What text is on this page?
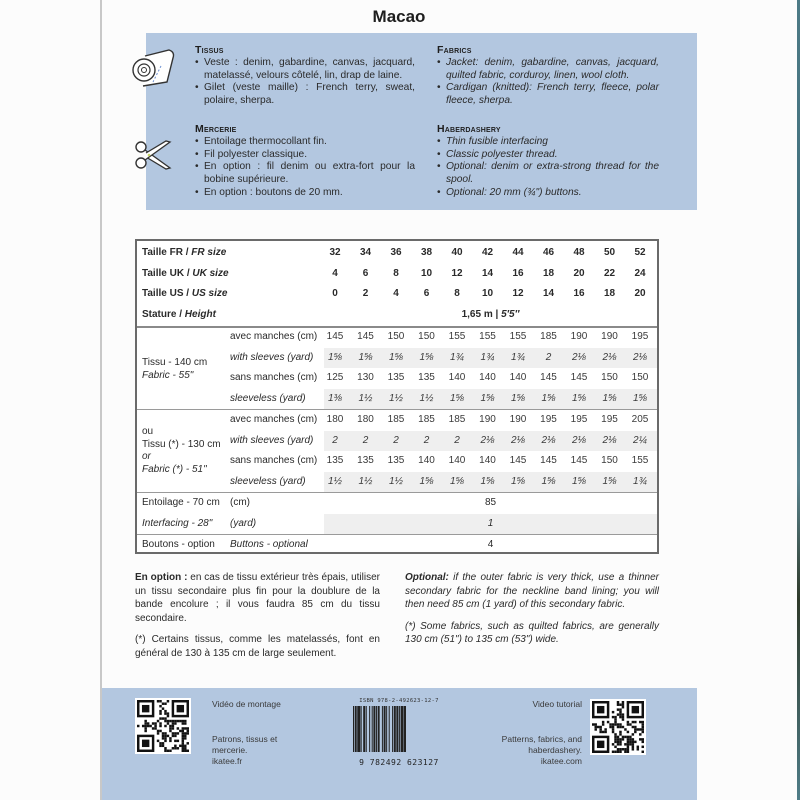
Macao
Tissus
• Veste : denim, gabardine, canvas, jacquard, matelassé, velours côtelé, lin, drap de laine.
• Gilet (veste maille) : French terry, sweat, polaire, sherpa.
Fabrics
• Jacket: denim, gabardine, canvas, jacquard, quilted fabric, corduroy, linen, wool cloth.
• Cardigan (knitted): French terry, fleece, polar fleece, sherpa.
Mercerie
• Entoilage thermocollant fin.
• Fil polyester classique.
• En option : fil denim ou extra-fort pour la bobine supérieure.
• En option : boutons de 20 mm.
Haberdashery
• Thin fusible interfacing
• Classic polyester thread.
• Optional: denim or extra-strong thread for the spool.
• Optional: 20 mm (¾") buttons.
Taille FR / FR size	32	34	36	38	40	42	44	46	48	50	52
Taille UK / UK size	4	6	8	10	12	14	16	18	20	22	24
Taille US / US size	0	2	4	6	8	10	12	14	16	18	20
Stature / Height	1,65 m | 5′5″
avec manches (cm) 145	145	150	150	155	155	155	185	190	190	195
with sleeves (yard)	1⅝	1⅝	1⅝	1⅝	1¾	1¾	1¾	2	2⅛	2⅛	2⅛
sans manches (cm) 125	130	135	135	140	140	140	145	145	150	150
sleeveless (yard)	1⅜	1½	1½	1½	1⅝	1⅝	1⅝	1⅝	1⅝	1⅝	1⅝
Tissu - 140 cm
Fabric - 55"
avec manches (cm) 180	180	185	185	185	190	190	195	195	195	205
with sleeves (yard)	2	2	2	2	2	2⅛	2⅛	2⅛	2⅛	2⅛	2¼
sans manches (cm) 135	135	135	140	140	140	145	145	145	150	155
sleeveless (yard)	1½	1½	1½	1⅝	1⅝	1⅝	1⅝	1⅝	1⅝	1⅝	1¾
ou
Tissu (*) - 130 cm
or
Fabric (*) - 51"
Entoilage - 70 cm (cm)	85
Interfacing - 28" (yard)	1
Boutons - option Buttons - optional	4

En option : en cas de tissu extérieur très épais, utiliser un tissu secondaire plus fin pour la doublure de la bande encolure ; il vous faudra 85 cm du tissu secondaire.

(*) Certains tissus, comme les matelassés, font en général de 130 à 135 cm de large seulement.

Optional: if the outer fabric is very thick, use a thinner secondary fabric for the neckline band lining; you will then need 85 cm (1 yard) of this secondary fabric.

(*) Some fabrics, such as quilted fabrics, are generally 130 cm (51") to 135 cm (53") wide.

Vidéo de montage
Patrons, tissus et
mercerie.
ikatee.fr
ISBN 978-2-492623-12-7
9 782492 623127
Video tutorial
Patterns, fabrics, and
haberdashery.
ikatee.com
